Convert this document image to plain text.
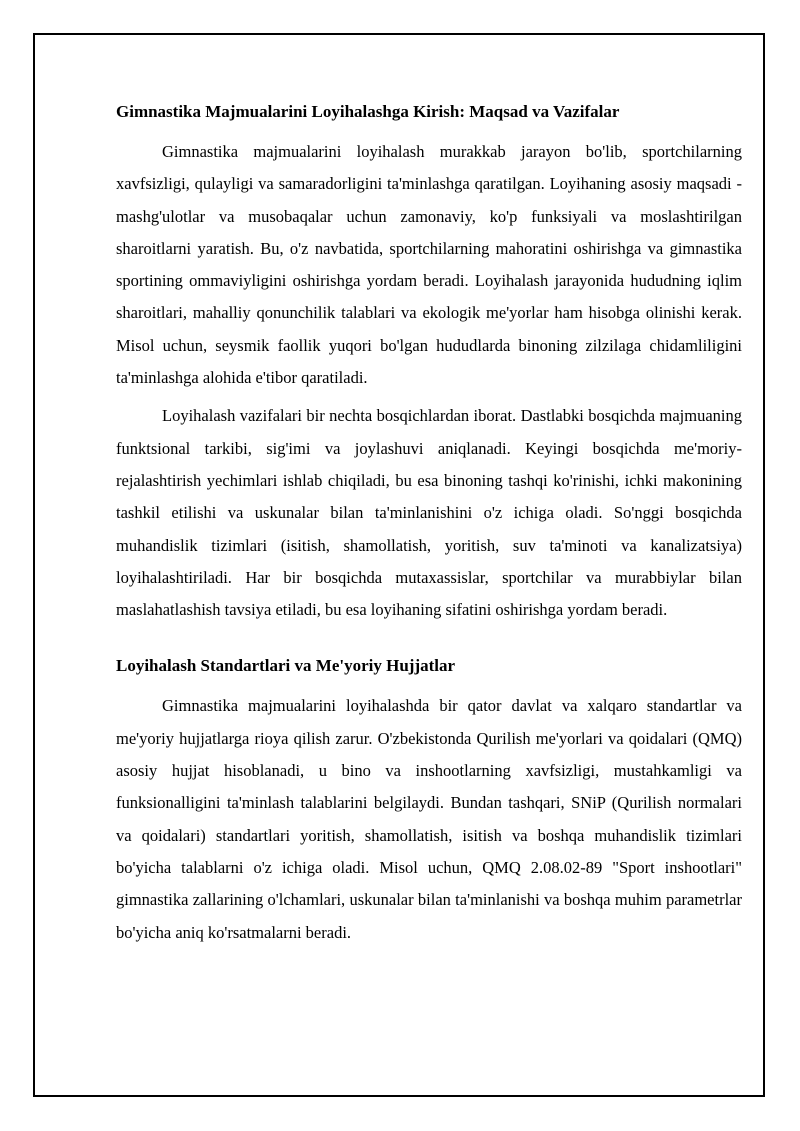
Gimnastika Majmualarini Loyihalashga Kirish: Maqsad va Vazifalar

Gimnastika majmualarini loyihalash murakkab jarayon bo'lib, sportchilarning xavfsizligi, qulayligi va samaradorligini ta'minlashga qaratilgan. Loyihaning asosiy maqsadi - mashg'ulotlar va musobaqalar uchun zamonaviy, ko'p funksiyali va moslashtirilgan sharoitlarni yaratish. Bu, o'z navbatida, sportchilarning mahoratini oshirishga va gimnastika sportining ommaviyligini oshirishga yordam beradi. Loyihalash jarayonida hududning iqlim sharoitlari, mahalliy qonunchilik talablari va ekologik me'yorlar ham hisobga olinishi kerak. Misol uchun, seysmik faollik yuqori bo'lgan hududlarda binoning zilzilaga chidamliligini ta'minlashga alohida e'tibor qaratiladi.

Loyihalash vazifalari bir nechta bosqichlardan iborat. Dastlabki bosqichda majmuaning funktsional tarkibi, sig'imi va joylashuvi aniqlanadi. Keyingi bosqichda me'moriy-rejalashtirish yechimlari ishlab chiqiladi, bu esa binoning tashqi ko'rinishi, ichki makonining tashkil etilishi va uskunalar bilan ta'minlanishini o'z ichiga oladi. So'nggi bosqichda muhandislik tizimlari (isitish, shamollatish, yoritish, suv ta'minoti va kanalizatsiya) loyihalashtiriladi. Har bir bosqichda mutaxassislar, sportchilar va murabbiylar bilan maslahatlashish tavsiya etiladi, bu esa loyihaning sifatini oshirishga yordam beradi.

Loyihalash Standartlari va Me'yoriy Hujjatlar

Gimnastika majmualarini loyihalashda bir qator davlat va xalqaro standartlar va me'yoriy hujjatlarga rioya qilish zarur. O'zbekistonda Qurilish me'yorlari va qoidalari (QMQ) asosiy hujjat hisoblanadi, u bino va inshootlarning xavfsizligi, mustahkamligi va funksionalligini ta'minlash talablarini belgilaydi. Bundan tashqari, SNiP (Qurilish normalari va qoidalari) standartlari yoritish, shamollatish, isitish va boshqa muhandislik tizimlari bo'yicha talablarni o'z ichiga oladi. Misol uchun, QMQ 2.08.02-89 "Sport inshootlari" gimnastika zallarining o'lchamlari, uskunalar bilan ta'minlanishi va boshqa muhim parametrlar bo'yicha aniq ko'rsatmalarni beradi.
